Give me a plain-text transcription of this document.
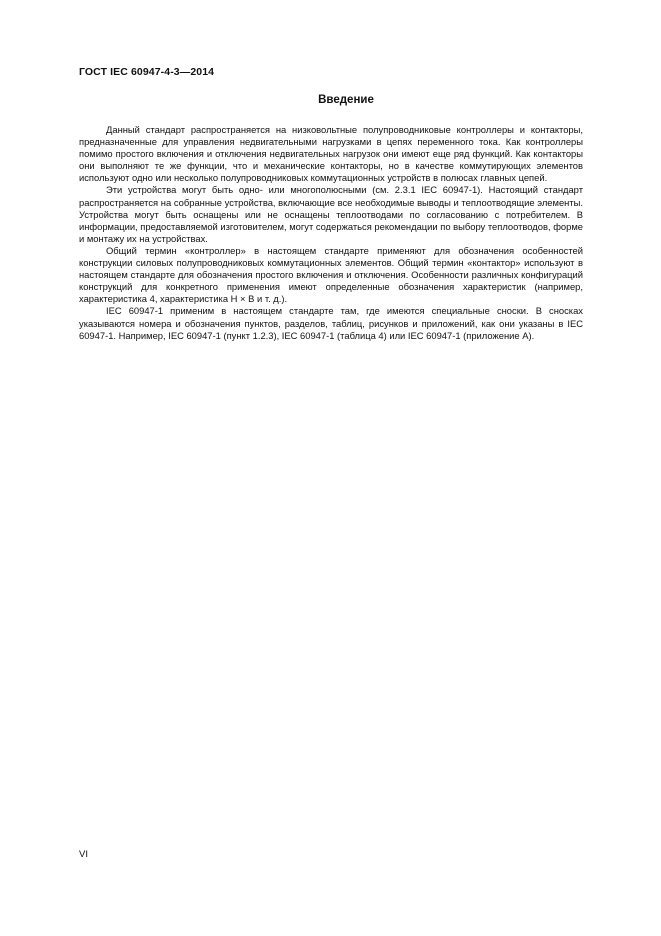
ГОСТ IEC 60947-4-3—2014
Введение

Данный стандарт распространяется на низковольтные полупроводниковые контроллеры и контакторы, предназначенные для управления недвигательными нагрузками в цепях переменного тока. Как контроллеры помимо простого включения и отключения недвигательных нагрузок они имеют еще ряд функций. Как контакторы они выполняют те же функции, что и механические контакторы, но в качестве коммутирующих элементов используют одно или несколько полупроводниковых коммутационных устройств в полюсах главных цепей.

Эти устройства могут быть одно- или многополюсными (см. 2.3.1 IEC 60947-1). Настоящий стандарт распространяется на собранные устройства, включающие все необходимые выводы и теплоотводящие элементы. Устройства могут быть оснащены или не оснащены теплоотводами по согласованию с потребителем. В информации, предоставляемой изготовителем, могут содержаться рекомендации по выбору теплоотводов, форме и монтажу их на устройствах.

Общий термин «контроллер» в настоящем стандарте применяют для обозначения особенностей конструкции силовых полупроводниковых коммутационных элементов. Общий термин «контактор» используют в настоящем стандарте для обозначения простого включения и отключения. Особенности различных конфигураций конструкций для конкретного применения имеют определенные обозначения характеристик (например, характеристика 4, характеристика H × B и т. д.).

IEC 60947-1 применим в настоящем стандарте там, где имеются специальные сноски. В сносках указываются номера и обозначения пунктов, разделов, таблиц, рисунков и приложений, как они указаны в IEC 60947-1. Например, IEC 60947-1 (пункт 1.2.3), IEC 60947-1 (таблица 4) или IEC 60947-1 (приложение А).

VI
